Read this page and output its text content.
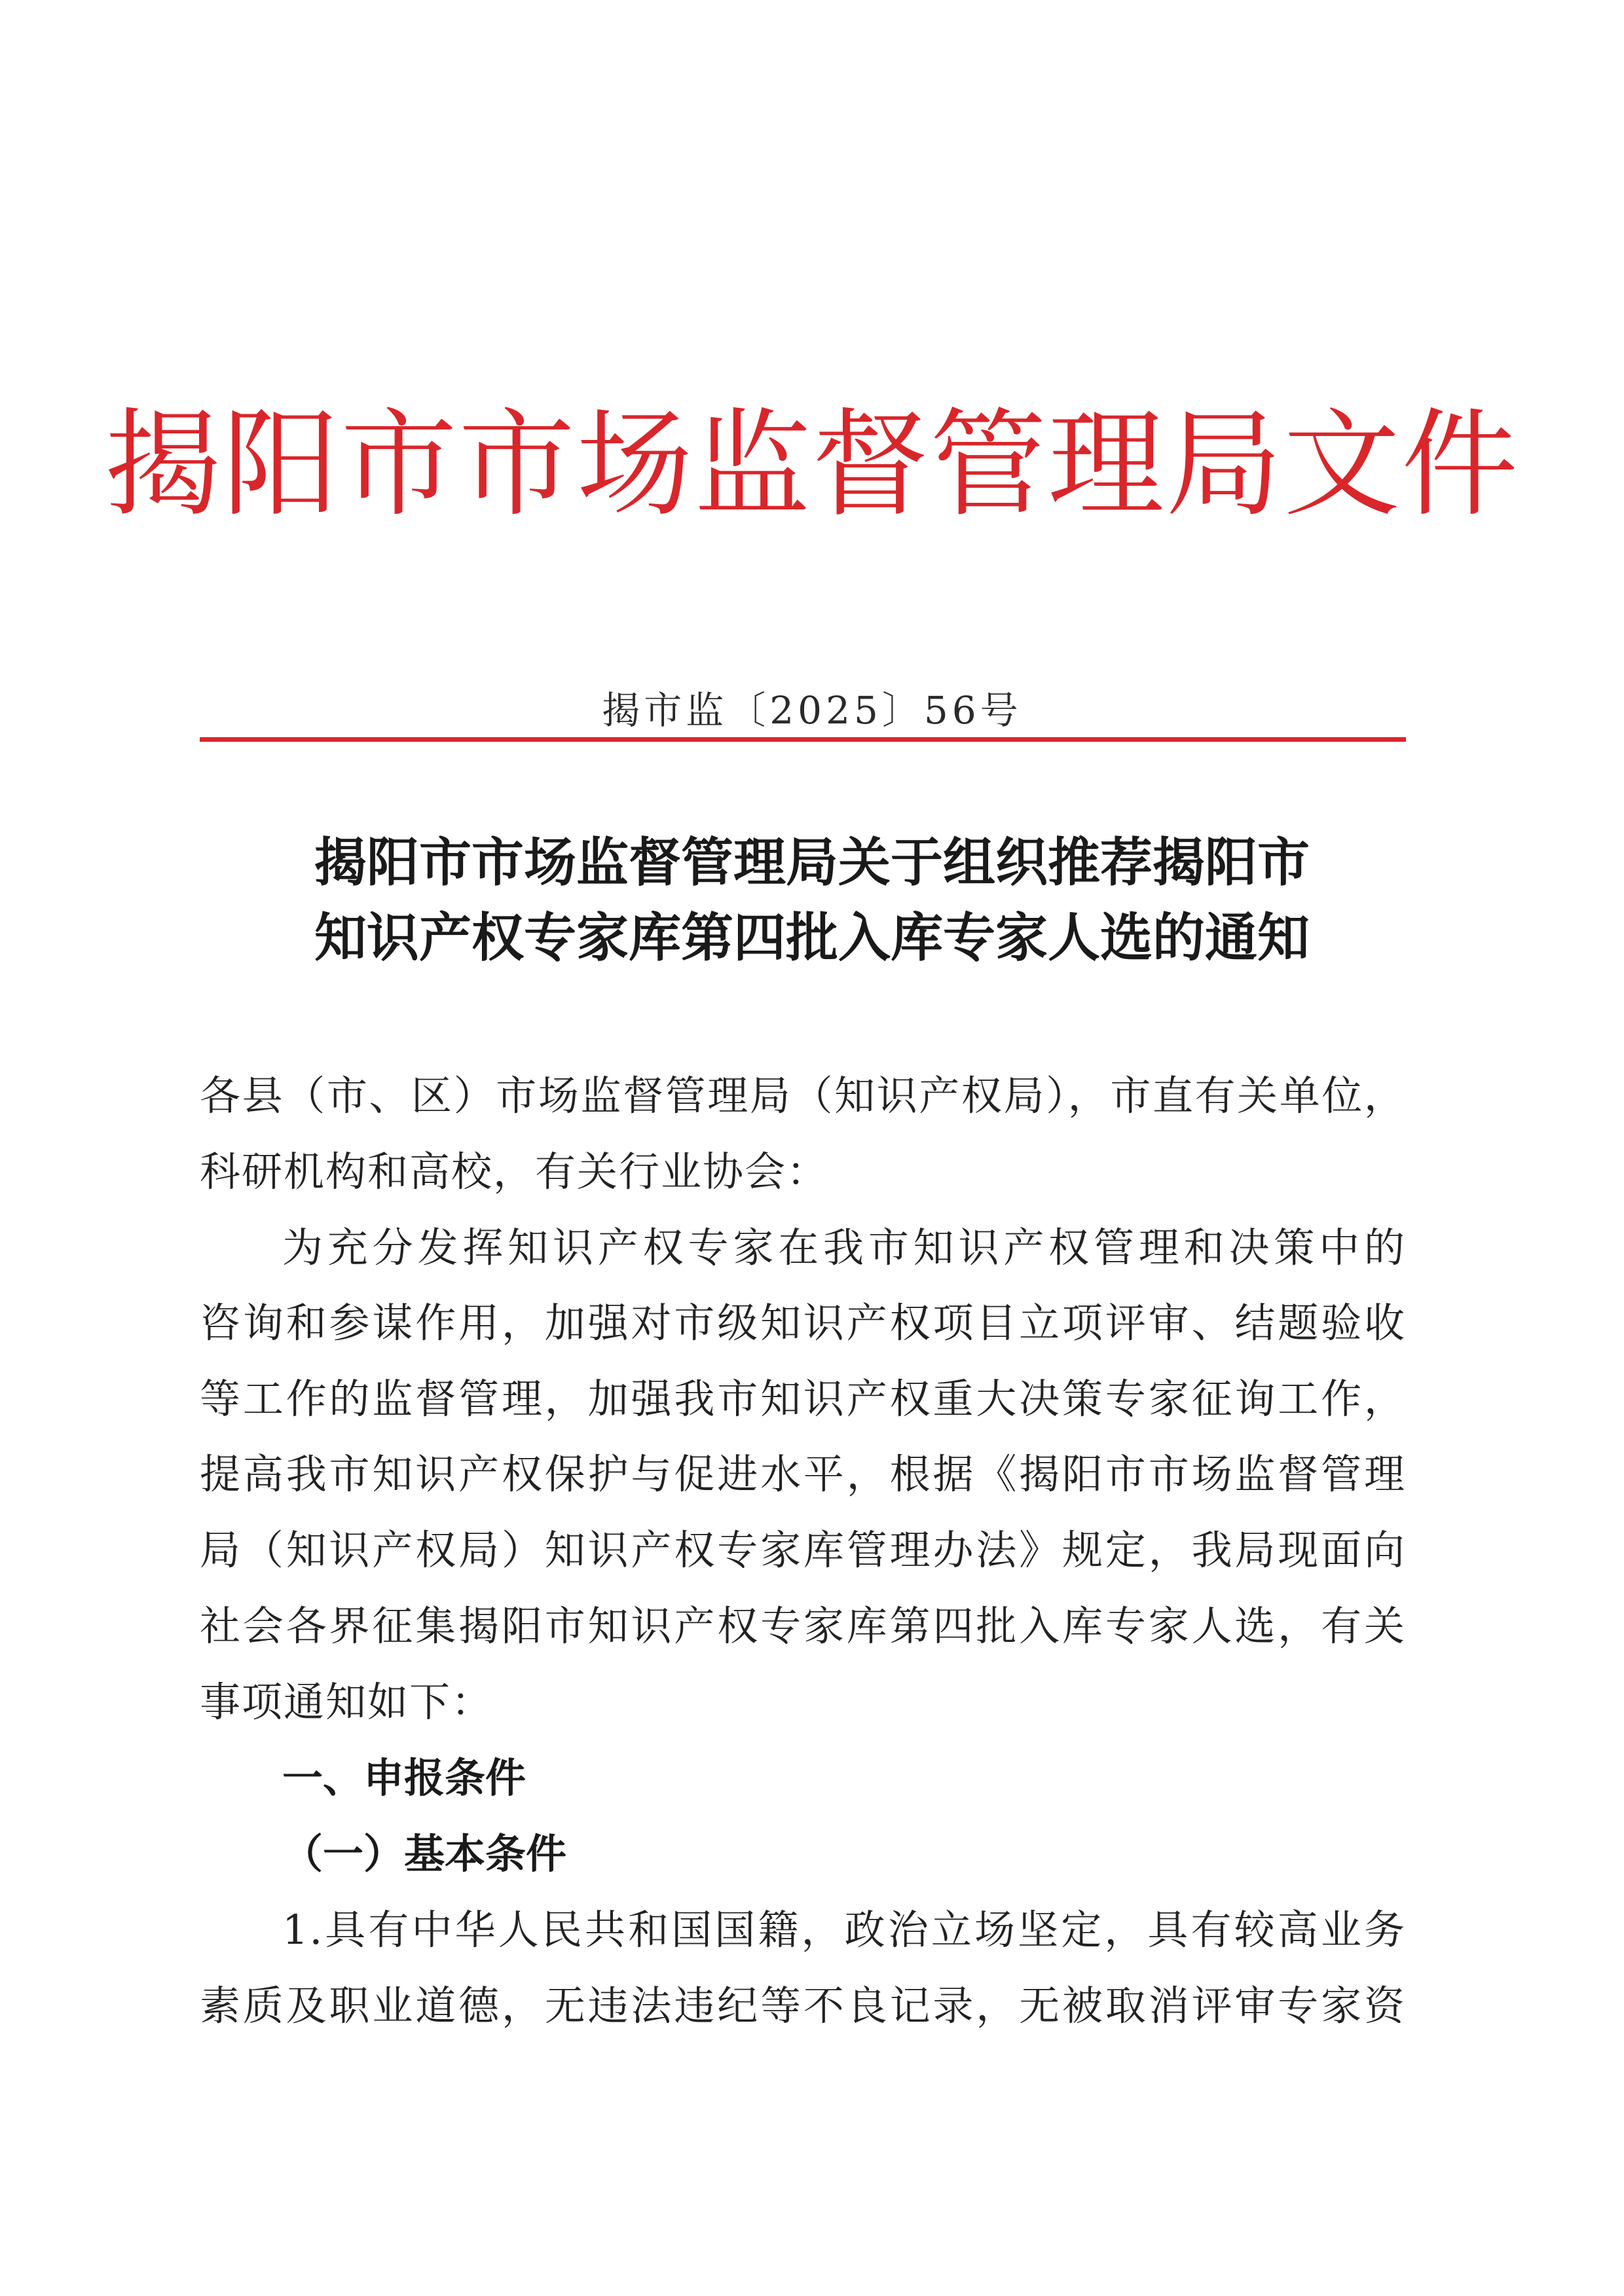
揭阳市市场监督管理局文件
揭市监〔2025〕56号
揭阳市市场监督管理局关于组织推荐揭阳市
知识产权专家库第四批入库专家人选的通知
各县（市、区）市场监督管理局（知识产权局），市直有关单位，
科研机构和高校，有关行业协会：
为充分发挥知识产权专家在我市知识产权管理和决策中的
咨询和参谋作用，加强对市级知识产权项目立项评审、结题验收
等工作的监督管理，加强我市知识产权重大决策专家征询工作，
提高我市知识产权保护与促进水平，根据《揭阳市市场监督管理
局（知识产权局）知识产权专家库管理办法》规定，我局现面向
社会各界征集揭阳市知识产权专家库第四批入库专家人选，有关
事项通知如下：
一、申报条件
（一）基本条件
1.具有中华人民共和国国籍，政治立场坚定，具有较高业务
素质及职业道德，无违法违纪等不良记录，无被取消评审专家资
